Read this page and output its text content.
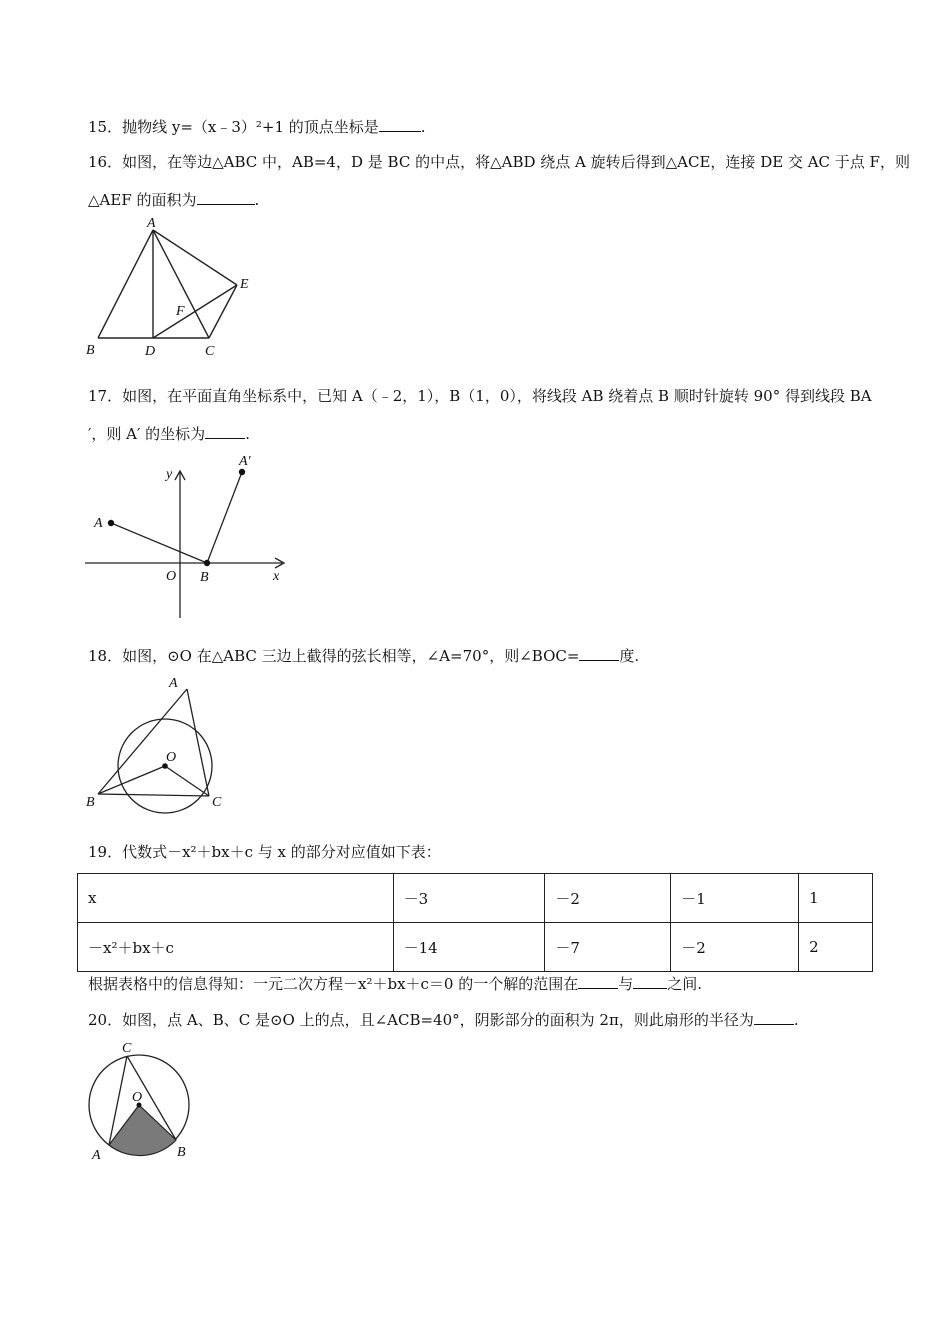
15．抛物线 y=（x﹣3）²+1 的顶点坐标是	.
16．如图，在等边△ABC 中，AB=4，D 是 BC 的中点，将△ABD 绕点 A 旋转后得到△ACE，连接 DE 交 AC 于点 F，则
△AEF 的面积为	.
A
B	D	C
E
F
17．如图，在平面直角坐标系中，已知 A（﹣2，1），B（1，0），将线段 AB 绕着点 B 顺时针旋转 90° 得到线段 BA
′，则 A′ 的坐标为	.
A
A′
O B	x
y
18．如图，⊙O 在△ABC 三边上截得的弦长相等，∠A=70°，则∠BOC=	度.
A
O
B	C
19．代数式－x²＋bx＋c 与 x 的部分对应值如下表：
x	－3	－2	－1	1
－x²＋bx＋c	－14	－7	－2	2
根据表格中的信息得知：一元二次方程－x²＋bx＋c＝0 的一个解的范围在	与 之间.
20．如图，点 A、B、C 是⊙O 上的点，且∠ACB=40°，阴影部分的面积为 2π，则此扇形的半径为	.
C
O
A	B
